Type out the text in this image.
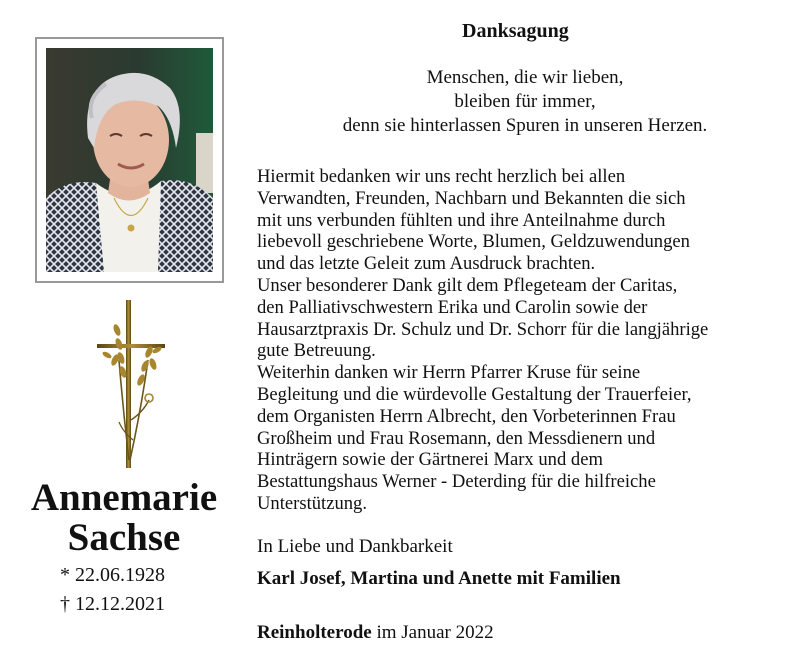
Annemarie
Sachse
* 22.06.1928
† 12.12.2021
Danksagung
Menschen, die wir lieben,
bleiben für immer,
denn sie hinterlassen Spuren in unseren Herzen.
Hiermit bedanken wir uns recht herzlich bei allen
Verwandten, Freunden, Nachbarn und Bekannten die sich
mit uns verbunden fühlten und ihre Anteilnahme durch
liebevoll geschriebene Worte, Blumen, Geldzuwendungen
und das letzte Geleit zum Ausdruck brachten.
Unser besonderer Dank gilt dem Pflegeteam der Caritas,
den Palliativschwestern Erika und Carolin sowie der
Hausarztpraxis Dr. Schulz und Dr. Schorr für die langjährige
gute Betreuung.
Weiterhin danken wir Herrn Pfarrer Kruse für seine
Begleitung und die würdevolle Gestaltung der Trauerfeier,
dem Organisten Herrn Albrecht, den Vorbeterinnen Frau
Großheim und Frau Rosemann, den Messdienern und
Hinträgern sowie der Gärtnerei Marx und dem
Bestattungshaus Werner - Deterding für die hilfreiche
Unterstützung.
In Liebe und Dankbarkeit
Karl Josef, Martina und Anette mit Familien
Reinholterode im Januar 2022
